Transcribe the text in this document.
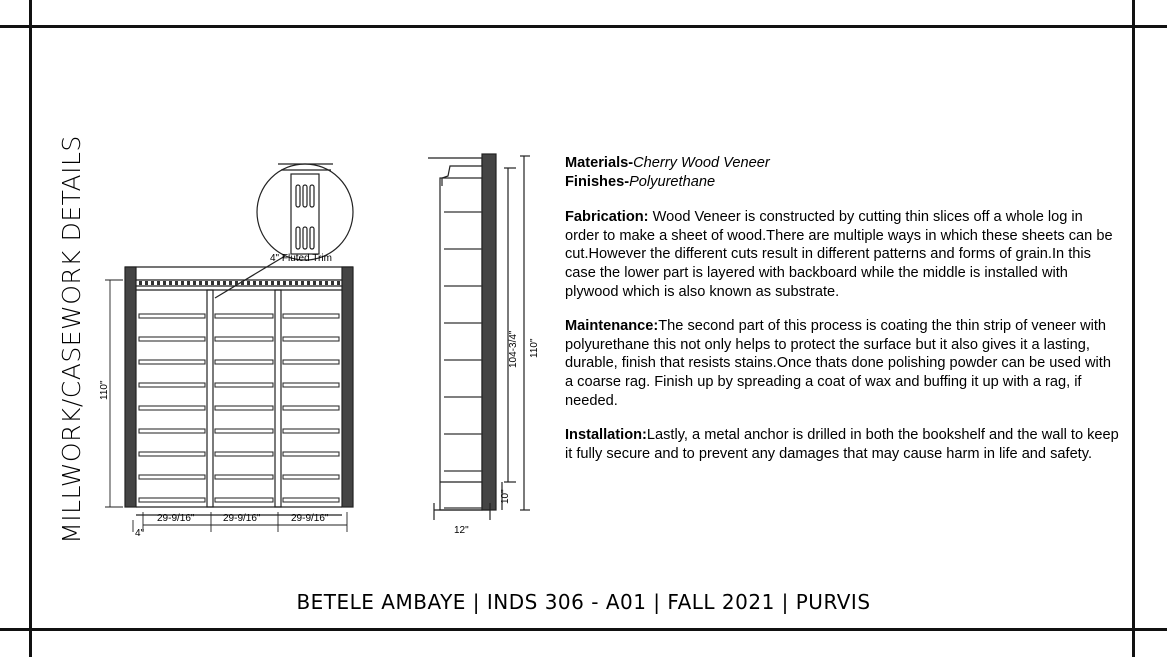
MILLWORK/CASEWORK DETAILS	4" Fluted Trim
110"
29-9/16"	29-9/16"	29-9/16"
4"
104-3/4" 110"
10"
12"

Materials-Cherry Wood Veneer
Finishes-Polyurethane

Fabrication: Wood Veneer is constructed by cutting thin slices off a whole log in order to make a sheet of wood.There are multiple ways in which these sheets can be cut.However the different cuts result in different patterns and forms of grain.In this case the lower part is layered with backboard while the middle is installed with plywood which is also known as substrate.

Maintenance:The second part of this process is coating the thin strip of veneer with polyurethane this not only helps to protect the surface but it also gives it a lasting, durable, finish that resists stains.Once thats done polishing powder can be used with a coarse rag. Finish up by spreading a coat of wax and buffing it up with a rag, if needed.

Installation:Lastly, a metal anchor is drilled in both the bookshelf and the wall to keep it fully secure and to prevent any damages that may cause harm in life and safety.

BETELE AMBAYE | INDS 306 - A01 | FALL 2021 | PURVIS
